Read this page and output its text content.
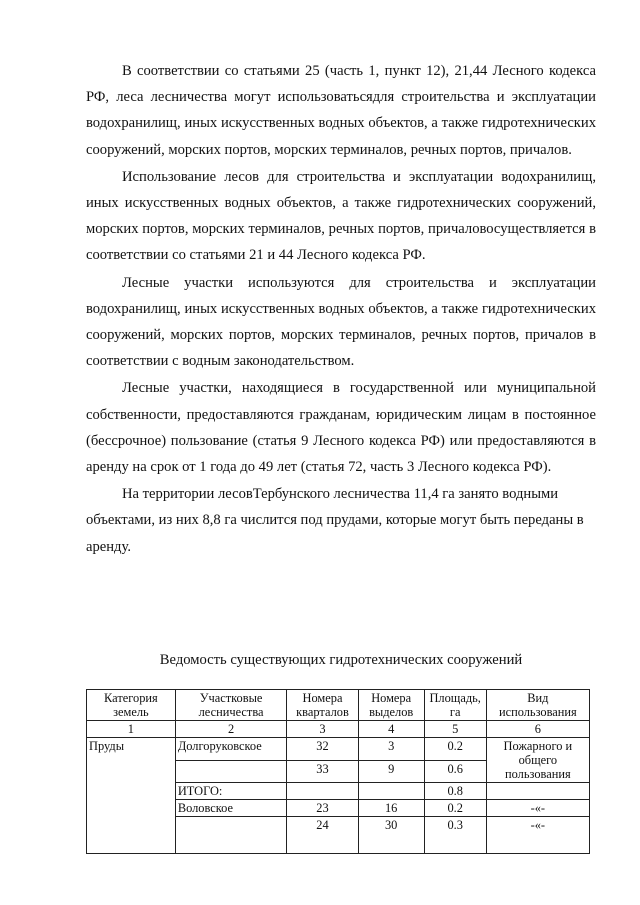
В соответствии со статьями 25 (часть 1, пункт 12), 21,44 Лесного кодекса РФ, леса лесничества могут использоватьсядля строительства и эксплуатации водохранилищ, иных искусственных водных объектов, а также гидротехнических сооружений, морских портов, морских терминалов, речных портов, причалов.

Использование лесов для строительства и эксплуатации водохранилищ, иных искусственных водных объектов, а также гидротехнических сооружений, морских портов, морских терминалов, речных портов, причаловосуществляется в соответствии со статьями 21 и 44 Лесного кодекса РФ.

Лесные участки используются для строительства и эксплуатации водохранилищ, иных искусственных водных объектов, а также гидротехнических сооружений, морских портов, морских терминалов, речных портов, причалов в соответствии с водным законодательством.

Лесные участки, находящиеся в государственной или муниципальной собственности, предоставляются гражданам, юридическим лицам в постоянное (бессрочное) пользование (статья 9 Лесного кодекса РФ) или предоставляются в аренду на срок от 1 года до 49 лет (статья 72, часть 3 Лесного кодекса РФ).

На территории лесовТербунского лесничества 11,4 га занято водными объектами, из них 8,8 га числится под прудами, которые могут быть переданы в аренду.

Ведомость существующих гидротехнических сооружений
Категория земель	Участковые лесничества	Номера кварталов	Номера выделов	Площадь, га	Вид использования
1	2	3	4	5	6
Пруды	Долгоруковское	32	3	0.2	Пожарного и общего пользования
		33	9	0.6	
	ИТОГО:			0.8	
	Воловское	23	16	0.2	-«-
		24	30	0.3	-«-
